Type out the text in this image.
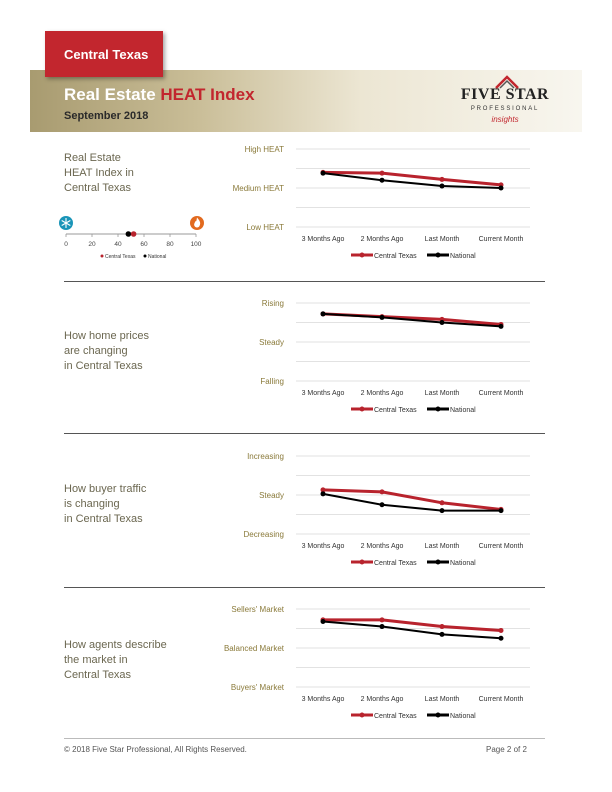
Central Texas
Real Estate HEAT Index
September 2018
FIVE STAR
PROFESSIONAL
insights
Real Estate
HEAT Index in
Central Texas
How home prices
are changing
in Central Texas
How buyer traffic
is changing
in Central Texas
How agents describe
the market in
Central Texas
0	20	40	60	80	100
Central Texas	National
High HEAT
Medium HEAT
Low HEAT
3 Months Ago 2 Months Ago	Last Month	Current Month
Central Texas	National
Rising
Steady
Falling
3 Months Ago 2 Months Ago	Last Month	Current Month
Central Texas	National
Increasing
Steady
Decreasing
3 Months Ago 2 Months Ago	Last Month	Current Month
Central Texas	National
Sellers' Market
Balanced Market
Buyers' Market
3 Months Ago 2 Months Ago	Last Month	Current Month
Central Texas	National
© 2018 Five Star Professional, All Rights Reserved.	Page 2 of 2
